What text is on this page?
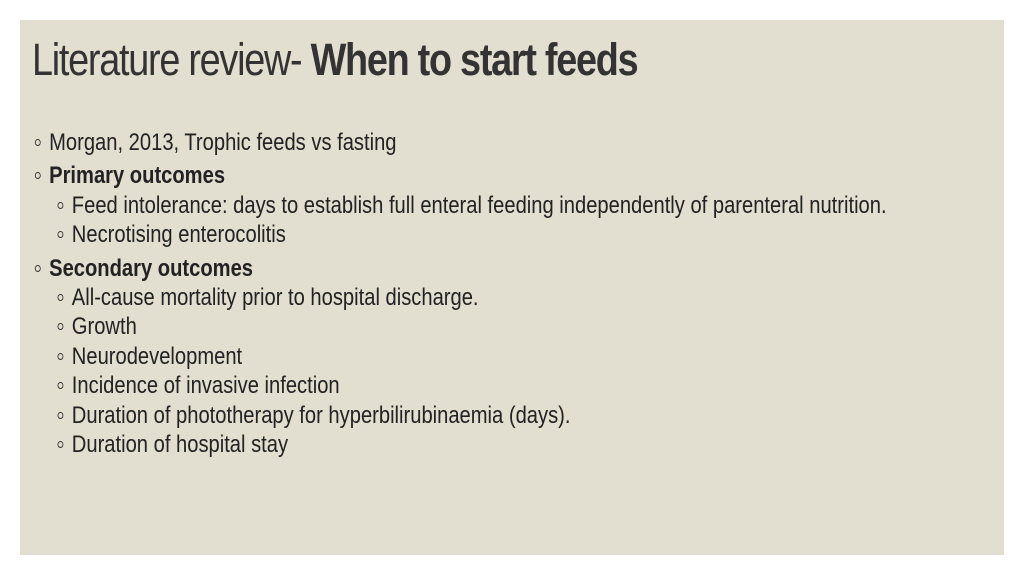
Literature review- When to start feeds
Morgan, 2013, Trophic feeds vs fasting
Primary outcomes
Feed intolerance: days to establish full enteral feeding independently of parenteral nutrition.
Necrotising enterocolitis
Secondary outcomes
All-cause mortality prior to hospital discharge.
Growth
Neurodevelopment
Incidence of invasive infection
Duration of phototherapy for hyperbilirubinaemia (days).
Duration of hospital stay
